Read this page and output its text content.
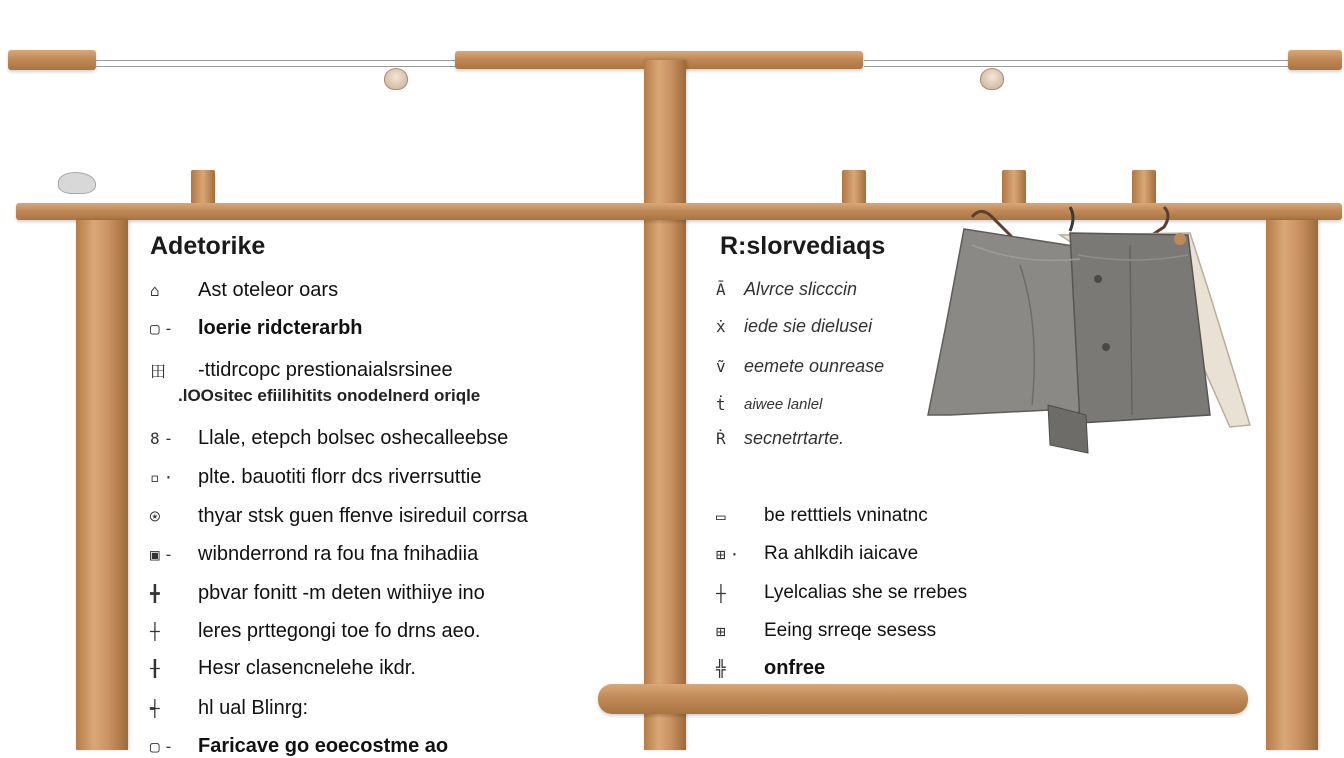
Adetorike
⌂ Ast oteleor oars
▢ -	loerie ridcterarbh
田 -ttidrcopc prestionaialsrsinee
.lOOsitec efiilihitits onodelnerd oriqle
8 -	Llale, etepch bolsec oshecalleebse
▫ ·	plte. bauotiti florr dcs riverrsuttie
⍟ thyar stsk guen ffenve isireduil corrsa
▣ -	wibnderrond ra fou fna fnihadiia
╋ pbvar fonitt -m deten withiiye ino
┼ leres prttegongi toe fo drns aeo.
╂ Hesr clasencnelehe ikdr.
┽ hl ual Blinrg:
▢ -	Faricave go eoecostme ao
R:slorvediaqs
Ā Alvrce slicccin
ẋ iede sie dielusei
ṽ eemete ounrease
ṫ aiwee lanlel
Ṙ secnetrtarte.
▭ be retttiels vninatnc
⊞ ·	Ra ahlkdih iaicave
┼ Lyelcalias she se rrebes
⊞ Eeing srreqe sesess
╬ onfree
